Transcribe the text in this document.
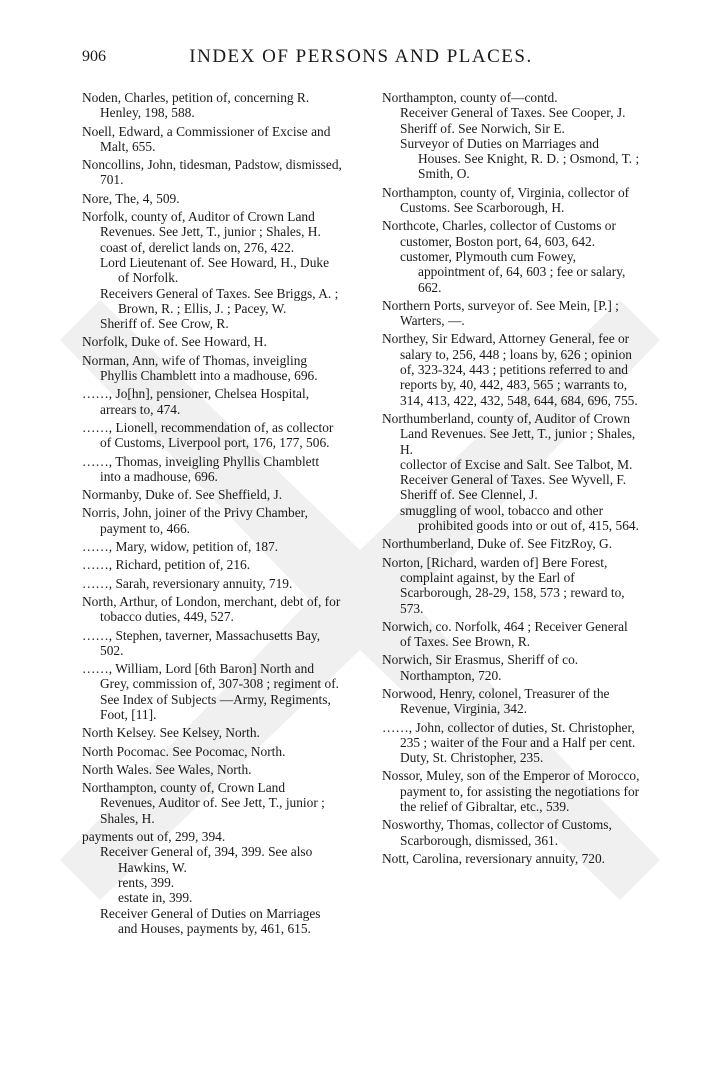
906	INDEX OF PERSONS AND PLACES.
Noden, Charles, petition of, concerning R. Henley, 198, 588.
Noell, Edward, a Commissioner of Excise and Malt, 655.
Noncollins, John, tidesman, Padstow, dismissed, 701.
Nore, The, 4, 509.
Norfolk, county of, Auditor of Crown Land Revenues. See Jett, T., junior ; Shales, H.
coast of, derelict lands on, 276, 422.
Lord Lieutenant of. See Howard, H., Duke of Norfolk.
Receivers General of Taxes. See Briggs, A. ; Brown, R. ; Ellis, J. ; Pacey, W.
Sheriff of. See Crow, R.
Norfolk, Duke of. See Howard, H.
Norman, Ann, wife of Thomas, inveigling Phyllis Chamblett into a madhouse, 696.
……, Jo[hn], pensioner, Chelsea Hospital, arrears to, 474.
……, Lionell, recommendation of, as collector of Customs, Liverpool port, 176, 177, 506.
……, Thomas, inveigling Phyllis Chamblett into a madhouse, 696.
Normanby, Duke of. See Sheffield, J.
Norris, John, joiner of the Privy Chamber, payment to, 466.
……, Mary, widow, petition of, 187.
……, Richard, petition of, 216.
……, Sarah, reversionary annuity, 719.
North, Arthur, of London, merchant, debt of, for tobacco duties, 449, 527.
……, Stephen, taverner, Massachusetts Bay, 502.
……, William, Lord [6th Baron] North and Grey, commission of, 307-308 ; regiment of. See Index of Subjects —Army, Regiments, Foot, [11].
North Kelsey. See Kelsey, North.
North Pocomac. See Pocomac, North.
North Wales. See Wales, North.
Northampton, county of, Crown Land Revenues, Auditor of. See Jett, T., junior ; Shales, H.
payments out of, 299, 394.
Receiver General of, 394, 399. See also Hawkins, W.
rents, 399.
estate in, 399.
Receiver General of Duties on Marriages and Houses, payments by, 461, 615.
Northampton, county of—contd.
Receiver General of Taxes. See Cooper, J.
Sheriff of. See Norwich, Sir E.
Surveyor of Duties on Marriages and Houses. See Knight, R. D. ; Osmond, T. ; Smith, O.
Northampton, county of, Virginia, collector of Customs. See Scarborough, H.
Northcote, Charles, collector of Customs or customer, Boston port, 64, 603, 642.
customer, Plymouth cum Fowey, appointment of, 64, 603 ; fee or salary, 662.
Northern Ports, surveyor of. See Mein, [P.] ; Warters, —.
Northey, Sir Edward, Attorney General, fee or salary to, 256, 448 ; loans by, 626 ; opinion of, 323-324, 443 ; petitions referred to and reports by, 40, 442, 483, 565 ; warrants to, 314, 413, 422, 432, 548, 644, 684, 696, 755.
Northumberland, county of, Auditor of Crown Land Revenues. See Jett, T., junior ; Shales, H.
collector of Excise and Salt. See Talbot, M.
Receiver General of Taxes. See Wyvell, F.
Sheriff of. See Clennel, J.
smuggling of wool, tobacco and other prohibited goods into or out of, 415, 564.
Northumberland, Duke of. See FitzRoy, G.
Norton, [Richard, warden of] Bere Forest, complaint against, by the Earl of Scarborough, 28-29, 158, 573 ; reward to, 573.
Norwich, co. Norfolk, 464 ; Receiver General of Taxes. See Brown, R.
Norwich, Sir Erasmus, Sheriff of co. Northampton, 720.
Norwood, Henry, colonel, Treasurer of the Revenue, Virginia, 342.
……, John, collector of duties, St. Christopher, 235 ; waiter of the Four and a Half per cent. Duty, St. Christopher, 235.
Nossor, Muley, son of the Emperor of Morocco, payment to, for assisting the negotiations for the relief of Gibraltar, etc., 539.
Nosworthy, Thomas, collector of Customs, Scarborough, dismissed, 361.
Nott, Carolina, reversionary annuity, 720.
